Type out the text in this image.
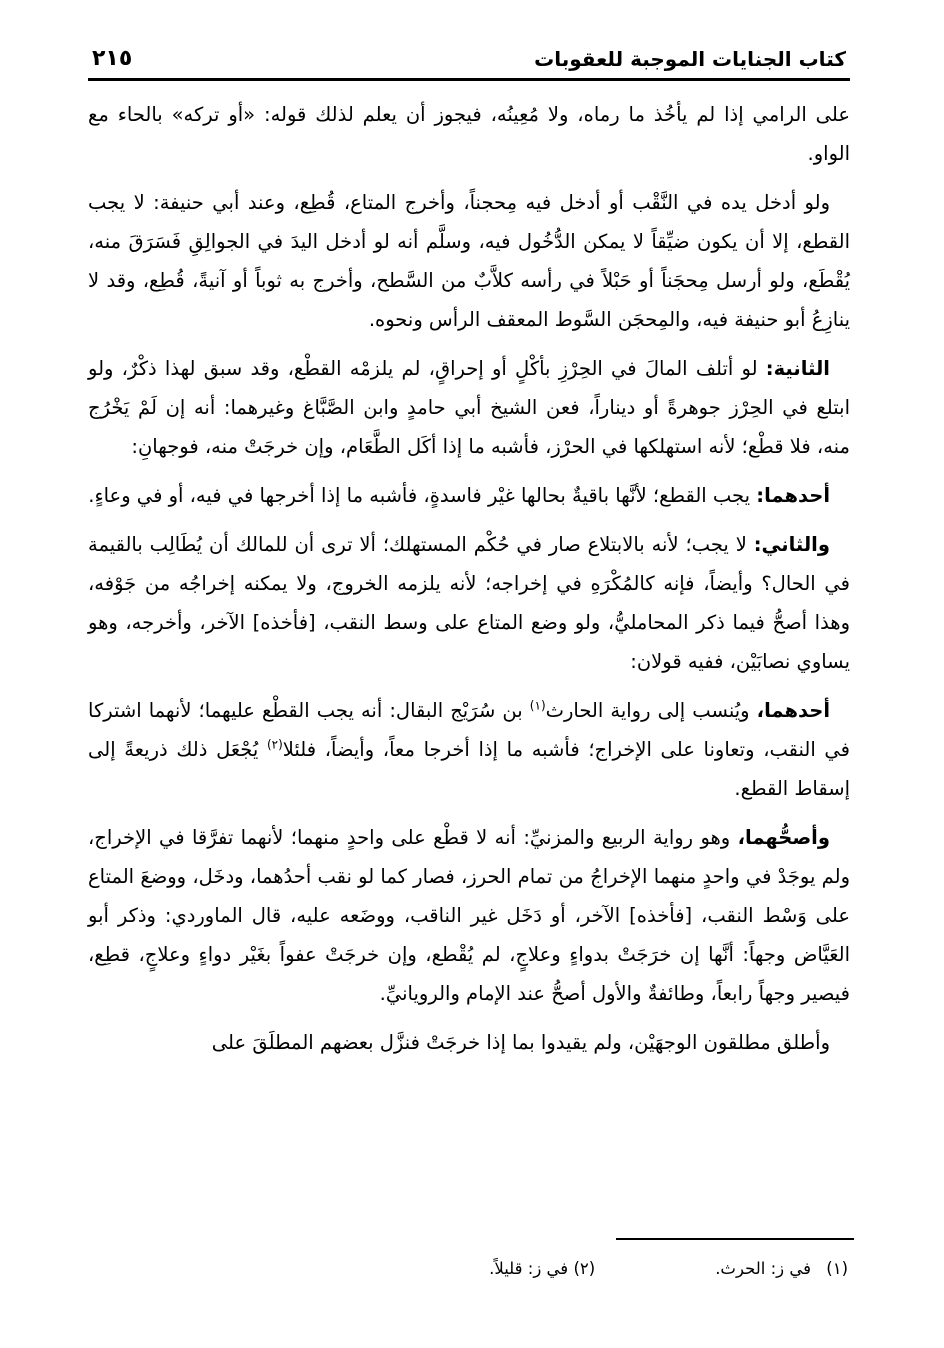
كتاب الجنايات الموجبة للعقوبات
٢١٥

على الرامي إذا لم يأخُذ ما رماه، ولا مُعِينُه، فيجوز أن يعلم لذلك قوله: «أو تركه» بالحاء مع الواو.

ولو أدخل يده في النَّقْب أو أدخل فيه مِحجناً، وأخرج المتاع، قُطِع، وعند أبي حنيفة: لا يجب القطع، إلا أن يكون ضيِّقاً لا يمكن الدُّخُول فيه، وسلَّم أنه لو أدخل اليدَ في الجوالِقِ فَسَرَقَ منه، يُقْطَع، ولو أرسل مِحجَناً أو حَبْلاً في رأسه كلاَّبٌ من السَّطح، وأخرج به ثوباً أو آنيةً، قُطِع، وقد لا ينازِعُ أبو حنيفة فيه، والمِحجَن السَّوط المعقف الرأس ونحوه.

الثانية: لو أتلف المالَ في الحِرْزِ بأكْلٍ أو إحراقٍ، لم يلزمْه القطْع، وقد سبق لهذا ذكْرٌ، ولو ابتلع في الحِرْز جوهرةً أو ديناراً، فعن الشيخ أبي حامدٍ وابن الصَّبَّاغ وغيرهما: أنه إن لَمْ يَخْرُج منه، فلا قطْع؛ لأنه استهلكها في الحرْز، فأشبه ما إذا أكَل الطَّعَام، وإن خرجَتْ منه، فوجهانِ:

أحدهما: يجب القطع؛ لأنَّها باقيةٌ بحالها غيْر فاسدةٍ، فأشبه ما إذا أخرجها في فيه، أو في وعاءٍ.

والثاني: لا يجب؛ لأنه بالابتلاع صار في حُكْم المستهلك؛ ألا ترى أن للمالك أن يُطَالِب بالقيمة في الحال؟ وأيضاً، فإنه كالمُكْرَهِ في إخراجه؛ لأنه يلزمه الخروج، ولا يمكنه إخراجُه من جَوْفه، وهذا أصحُّ فيما ذكر المحامليُّ، ولو وضع المتاع على وسط النقب، [فأخذه] الآخر، وأخرجه، وهو يساوي نصابَيْن، ففيه قولان:

أحدهما، ويُنسب إلى رواية الحارث$^{(١)}$ بن سُرَيْج البقال: أنه يجب القطْع عليهما؛ لأنهما اشتركا في النقب، وتعاونا على الإخراج؛ فأشبه ما إذا أخرجا معاً، وأيضاً، فلئلا$^{(٢)}$ يُجْعَل ذلك ذريعةً إلى إسقاط القطع.

وأصحُّهما، وهو رواية الربيع والمزنيِّ: أنه لا قطْع على واحدٍ منهما؛ لأنهما تفرَّقا في الإخراج، ولم يوجَدْ في واحدٍ منهما الإخراجُ من تمام الحرز، فصار كما لو نقب أحدُهما، ودخَل، ووضعَ المتاع على وَسْط النقب، [فأخذه] الآخر، أو دَخَل غير الناقب، ووضَعه عليه، قال الماوردي: وذكر أبو العَيَّاض وجهاً: أنَّها إن خرَجَتْ بدواءٍ وعلاجٍ، لم يُقْطع، وإن خرجَتْ عفواً بغَيْر دواءٍ وعلاجٍ، قطِع، فيصير وجهاً رابعاً، وطائفةٌ والأول أصحُّ عند الإمام والرويانيِّ.

وأطلق مطلقون الوجهَيْن، ولم يقيدوا بما إذا خرجَتْ فنزَّل بعضهم المطلَقَ على

(١) في ز: الحرث.
(٢) في ز: قليلاً.
